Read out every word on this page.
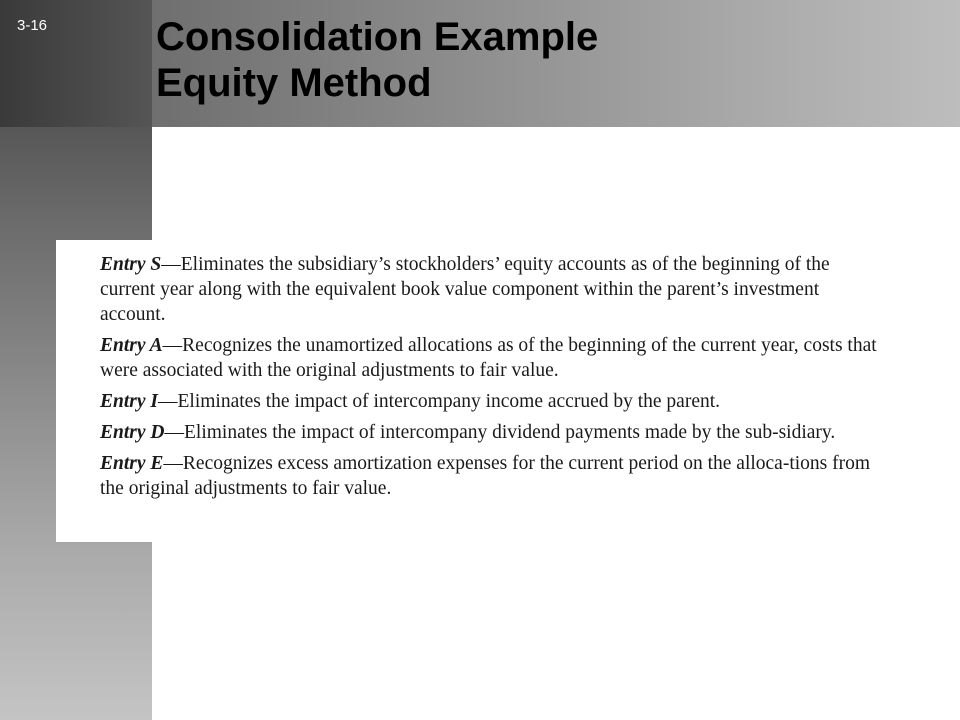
3-16	Consolidation Example
Equity Method
Entry S—Eliminates the subsidiary’s stockholders’ equity accounts as of the beginning of the current year along with the equivalent book value component within the parent’s investment account.
Entry A—Recognizes the unamortized allocations as of the beginning of the current year, costs that were associated with the original adjustments to fair value.
Entry I—Eliminates the impact of intercompany income accrued by the parent.
Entry D—Eliminates the impact of intercompany dividend payments made by the sub-sidiary.
Entry E—Recognizes excess amortization expenses for the current period on the alloca-tions from the original adjustments to fair value.
